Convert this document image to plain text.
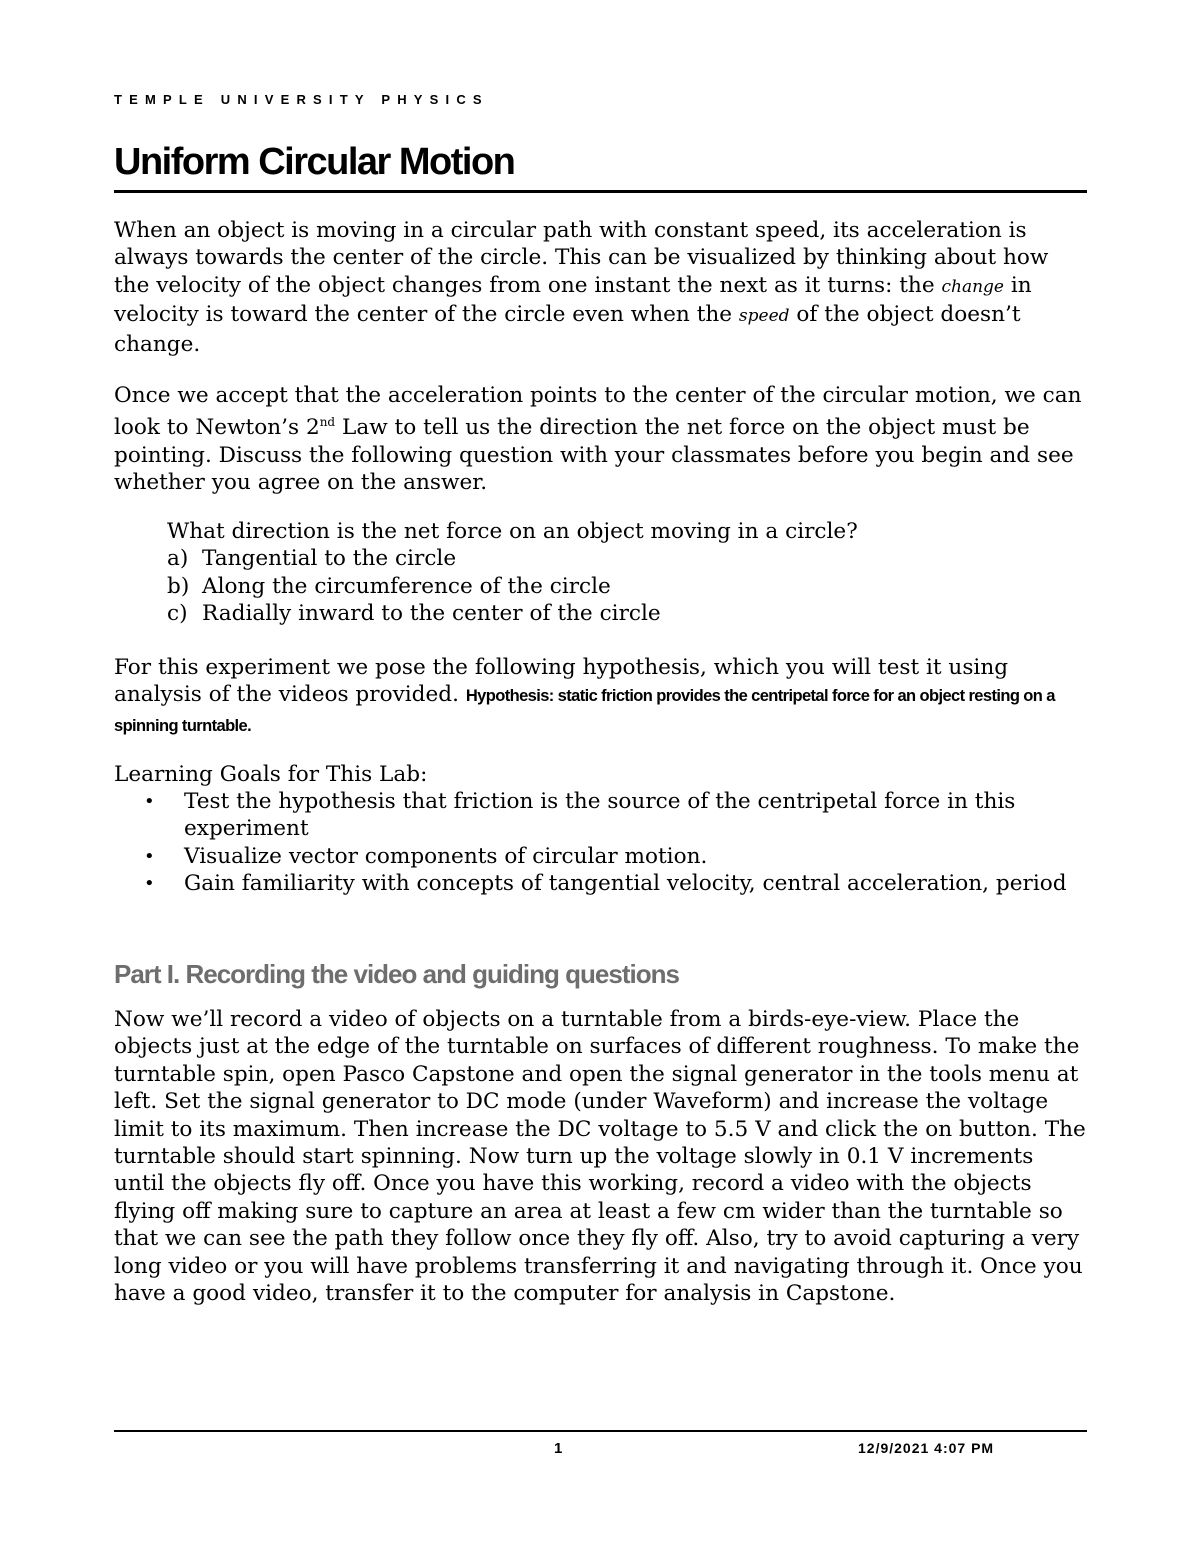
TEMPLE UNIVERSITY PHYSICS
Uniform Circular Motion

When an object is moving in a circular path with constant speed, its acceleration is always towards the center of the circle. This can be visualized by thinking about how the velocity of the object changes from one instant the next as it turns: the change in velocity is toward the center of the circle even when the speed of the object doesn’t change.

Once we accept that the acceleration points to the center of the circular motion, we can look to Newton’s 2nd Law to tell us the direction the net force on the object must be pointing. Discuss the following question with your classmates before you begin and see whether you agree on the answer.

What direction is the net force on an object moving in a circle?
a) Tangential to the circle
b) Along the circumference of the circle
c) Radially inward to the center of the circle

For this experiment we pose the following hypothesis, which you will test it using analysis of the videos provided. Hypothesis: static friction provides the centripetal force for an object resting on a spinning turntable.

Learning Goals for This Lab:
• Test the hypothesis that friction is the source of the centripetal force in this experiment
• Visualize vector components of circular motion.
• Gain familiarity with concepts of tangential velocity, central acceleration, period
Part I. Recording the video and guiding questions

Now we’ll record a video of objects on a turntable from a birds-eye-view. Place the objects just at the edge of the turntable on surfaces of different roughness. To make the turntable spin, open Pasco Capstone and open the signal generator in the tools menu at left. Set the signal generator to DC mode (under Waveform) and increase the voltage limit to its maximum. Then increase the DC voltage to 5.5 V and click the on button. The turntable should start spinning. Now turn up the voltage slowly in 0.1 V increments until the objects fly off. Once you have this working, record a video with the objects flying off making sure to capture an area at least a few cm wider than the turntable so that we can see the path they follow once they fly off. Also, try to avoid capturing a very long video or you will have problems transferring it and navigating through it. Once you have a good video, transfer it to the computer for analysis in Capstone.

1	12/9/2021 4:07 PM
